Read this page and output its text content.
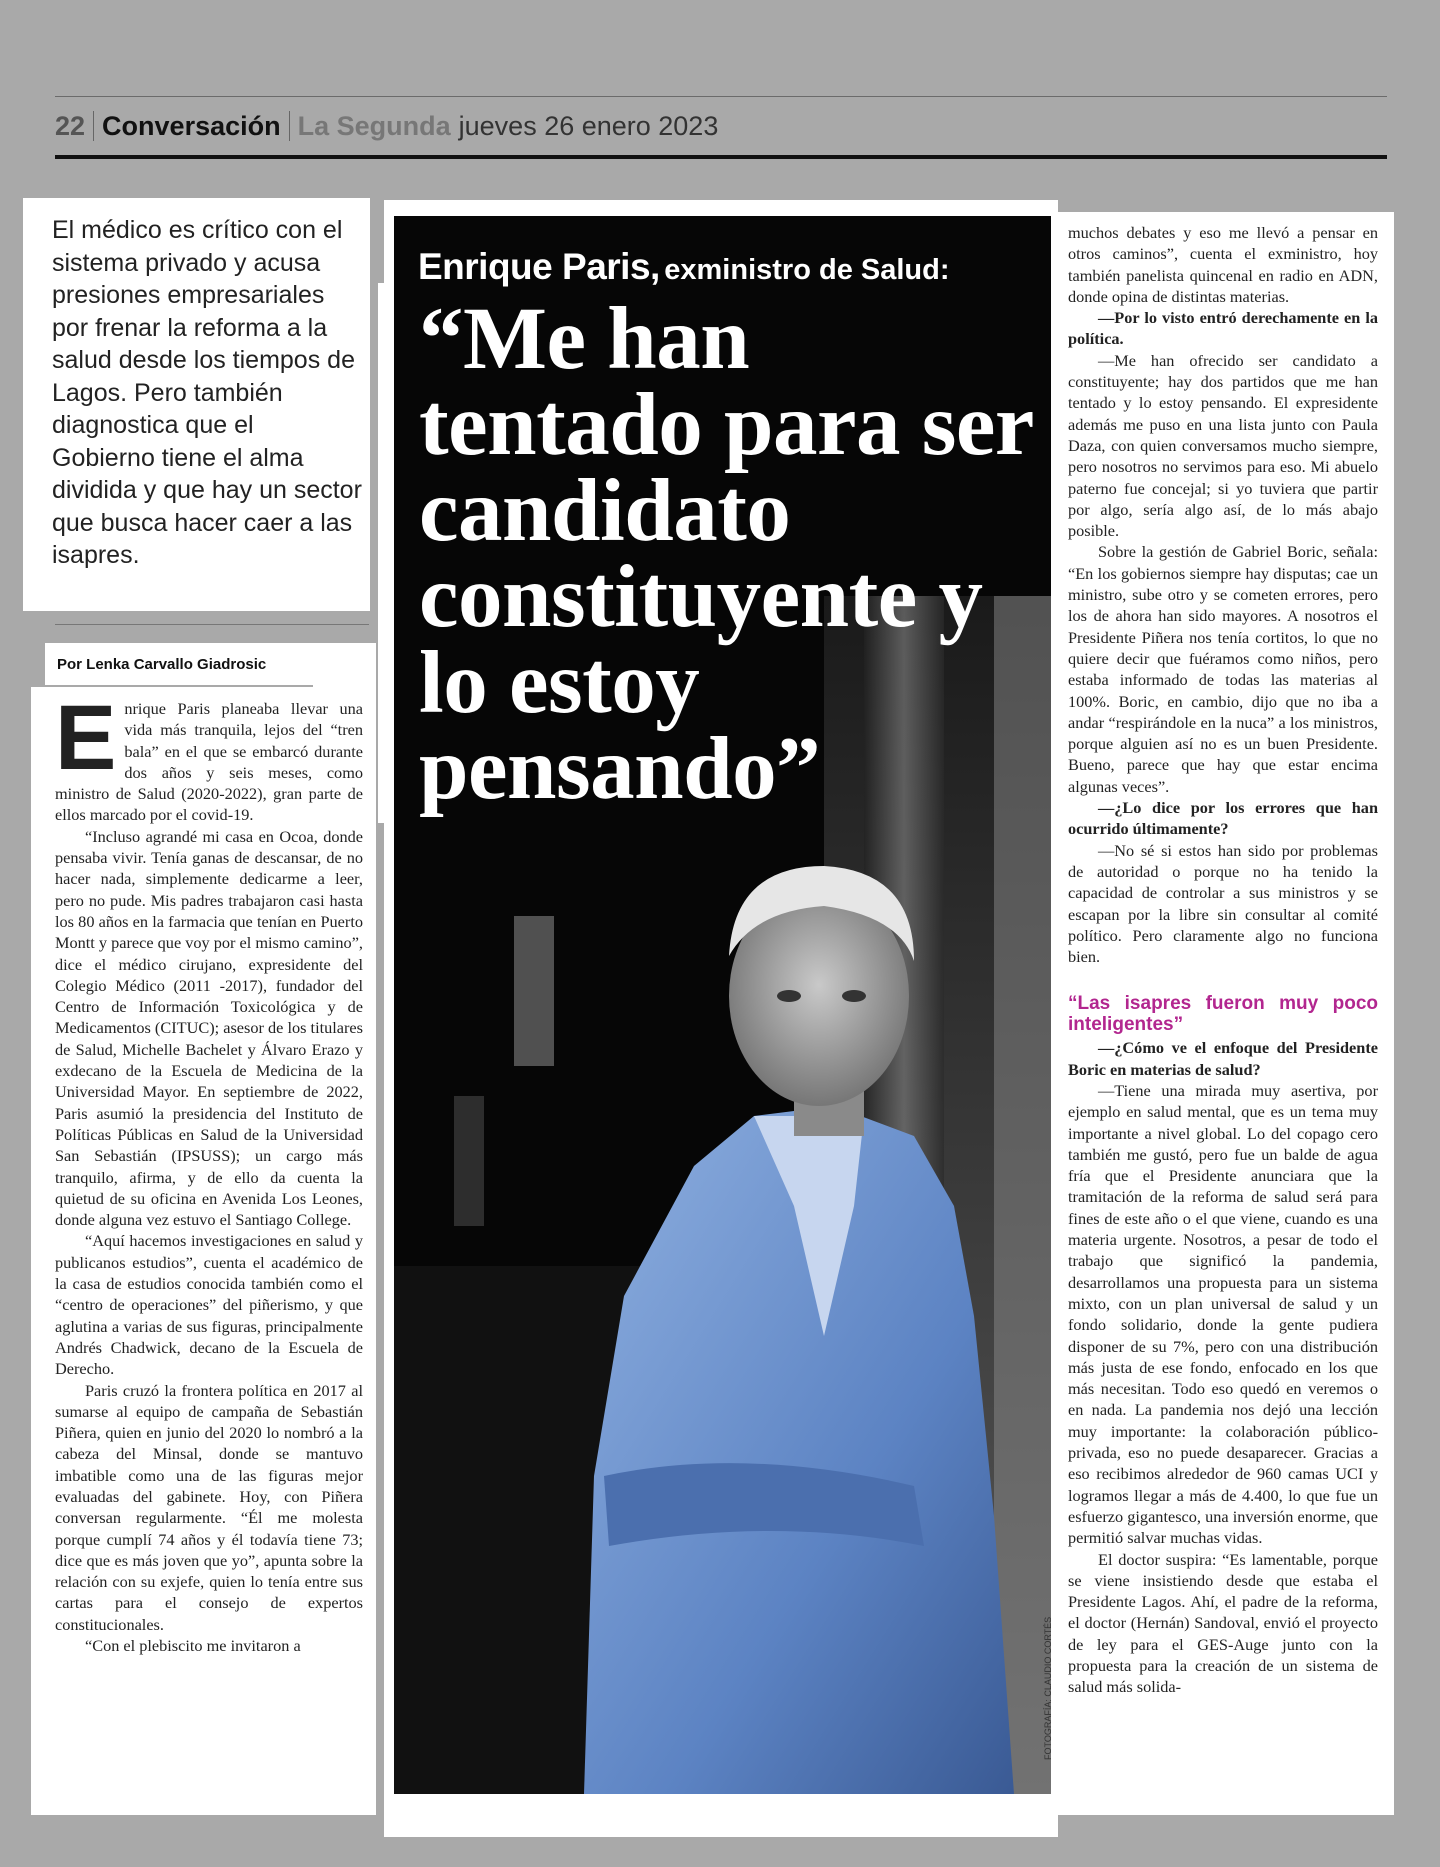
22 Conversación La Segunda jueves 26 enero 2023
El médico es crítico con el sistema privado y acusa presiones empresariales por frenar la reforma a la salud desde los tiempos de Lagos. Pero también diagnostica que el Gobierno tiene el alma dividida y que hay un sector que busca hacer caer a las isapres.
Por Lenka Carvallo Giadrosic

Enrique Paris planeaba llevar una vida más tranquila, lejos del “tren bala” en el que se embarcó durante dos años y seis meses, como ministro de Salud (2020-2022), gran parte de ellos marcado por el covid-19.

“Incluso agrandé mi casa en Ocoa, donde pensaba vivir. Tenía ganas de descansar, de no hacer nada, simplemente dedicarme a leer, pero no pude. Mis padres trabajaron casi hasta los 80 años en la farmacia que tenían en Puerto Montt y parece que voy por el mismo camino”, dice el médico cirujano, expresidente del Colegio Médico (2011 -2017), fundador del Centro de Información Toxicológica y de Medicamentos (CITUC); asesor de los titulares de Salud, Michelle Bachelet y Álvaro Erazo y exdecano de la Escuela de Medicina de la Universidad Mayor. En septiembre de 2022, Paris asumió la presidencia del Instituto de Políticas Públicas en Salud de la Universidad San Sebastián (IPSUSS); un cargo más tranquilo, afirma, y de ello da cuenta la quietud de su oficina en Avenida Los Leones, donde alguna vez estuvo el Santiago College.

“Aquí hacemos investigaciones en salud y publicanos estudios”, cuenta el académico de la casa de estudios conocida también como el “centro de operaciones” del piñerismo, y que aglutina a varias de sus figuras, principalmente Andrés Chadwick, decano de la Escuela de Derecho.

Paris cruzó la frontera política en 2017 al sumarse al equipo de campaña de Sebastián Piñera, quien en junio del 2020 lo nombró a la cabeza del Minsal, donde se mantuvo imbatible como una de las figuras mejor evaluadas del gabinete. Hoy, con Piñera conversan regularmente. “Él me molesta porque cumplí 74 años y él todavía tiene 73; dice que es más joven que yo”, apunta sobre la relación con su exjefe, quien lo tenía entre sus cartas para el consejo de expertos constitucionales.

“Con el plebiscito me invitaron a

Enrique Paris, exministro de Salud:
“Me han tentado para ser candidato constituyente y lo estoy pensando”
FOTOGRAFÍA: CLAUDIO CORTÉS

muchos debates y eso me llevó a pensar en otros caminos”, cuenta el exministro, hoy también panelista quincenal en radio en ADN, donde opina de distintas materias.

—Por lo visto entró derechamente en la política.

—Me han ofrecido ser candidato a constituyente; hay dos partidos que me han tentado y lo estoy pensando. El expresidente además me puso en una lista junto con Paula Daza, con quien conversamos mucho siempre, pero nosotros no servimos para eso. Mi abuelo paterno fue concejal; si yo tuviera que partir por algo, sería algo así, de lo más abajo posible.

Sobre la gestión de Gabriel Boric, señala: “En los gobiernos siempre hay disputas; cae un ministro, sube otro y se cometen errores, pero los de ahora han sido mayores. A nosotros el Presidente Piñera nos tenía cortitos, lo que no quiere decir que fuéramos como niños, pero estaba informado de todas las materias al 100%. Boric, en cambio, dijo que no iba a andar “respirándole en la nuca” a los ministros, porque alguien así no es un buen Presidente. Bueno, parece que hay que estar encima algunas veces”.

—¿Lo dice por los errores que han ocurrido últimamente?

—No sé si estos han sido por problemas de autoridad o porque no ha tenido la capacidad de controlar a sus ministros y se escapan por la libre sin consultar al comité político. Pero claramente algo no funciona bien.

“Las isapres fueron muy poco inteligentes”

—¿Cómo ve el enfoque del Presidente Boric en materias de salud?

—Tiene una mirada muy asertiva, por ejemplo en salud mental, que es un tema muy importante a nivel global. Lo del copago cero también me gustó, pero fue un balde de agua fría que el Presidente anunciara que la tramitación de la reforma de salud será para fines de este año o el que viene, cuando es una materia urgente. Nosotros, a pesar de todo el trabajo que significó la pandemia, desarrollamos una propuesta para un sistema mixto, con un plan universal de salud y un fondo solidario, donde la gente pudiera disponer de su 7%, pero con una distribución más justa de ese fondo, enfocado en los que más necesitan. Todo eso quedó en veremos o en nada. La pandemia nos dejó una lección muy importante: la colaboración público-privada, eso no puede desaparecer. Gracias a eso recibimos alrededor de 960 camas UCI y logramos llegar a más de 4.400, lo que fue un esfuerzo gigantesco, una inversión enorme, que permitió salvar muchas vidas.

El doctor suspira: “Es lamentable, porque se viene insistiendo desde que estaba el Presidente Lagos. Ahí, el padre de la reforma, el doctor (Hernán) Sandoval, envió el proyecto de ley para el GES-Auge junto con la propuesta para la creación de un sistema de salud más solida-
